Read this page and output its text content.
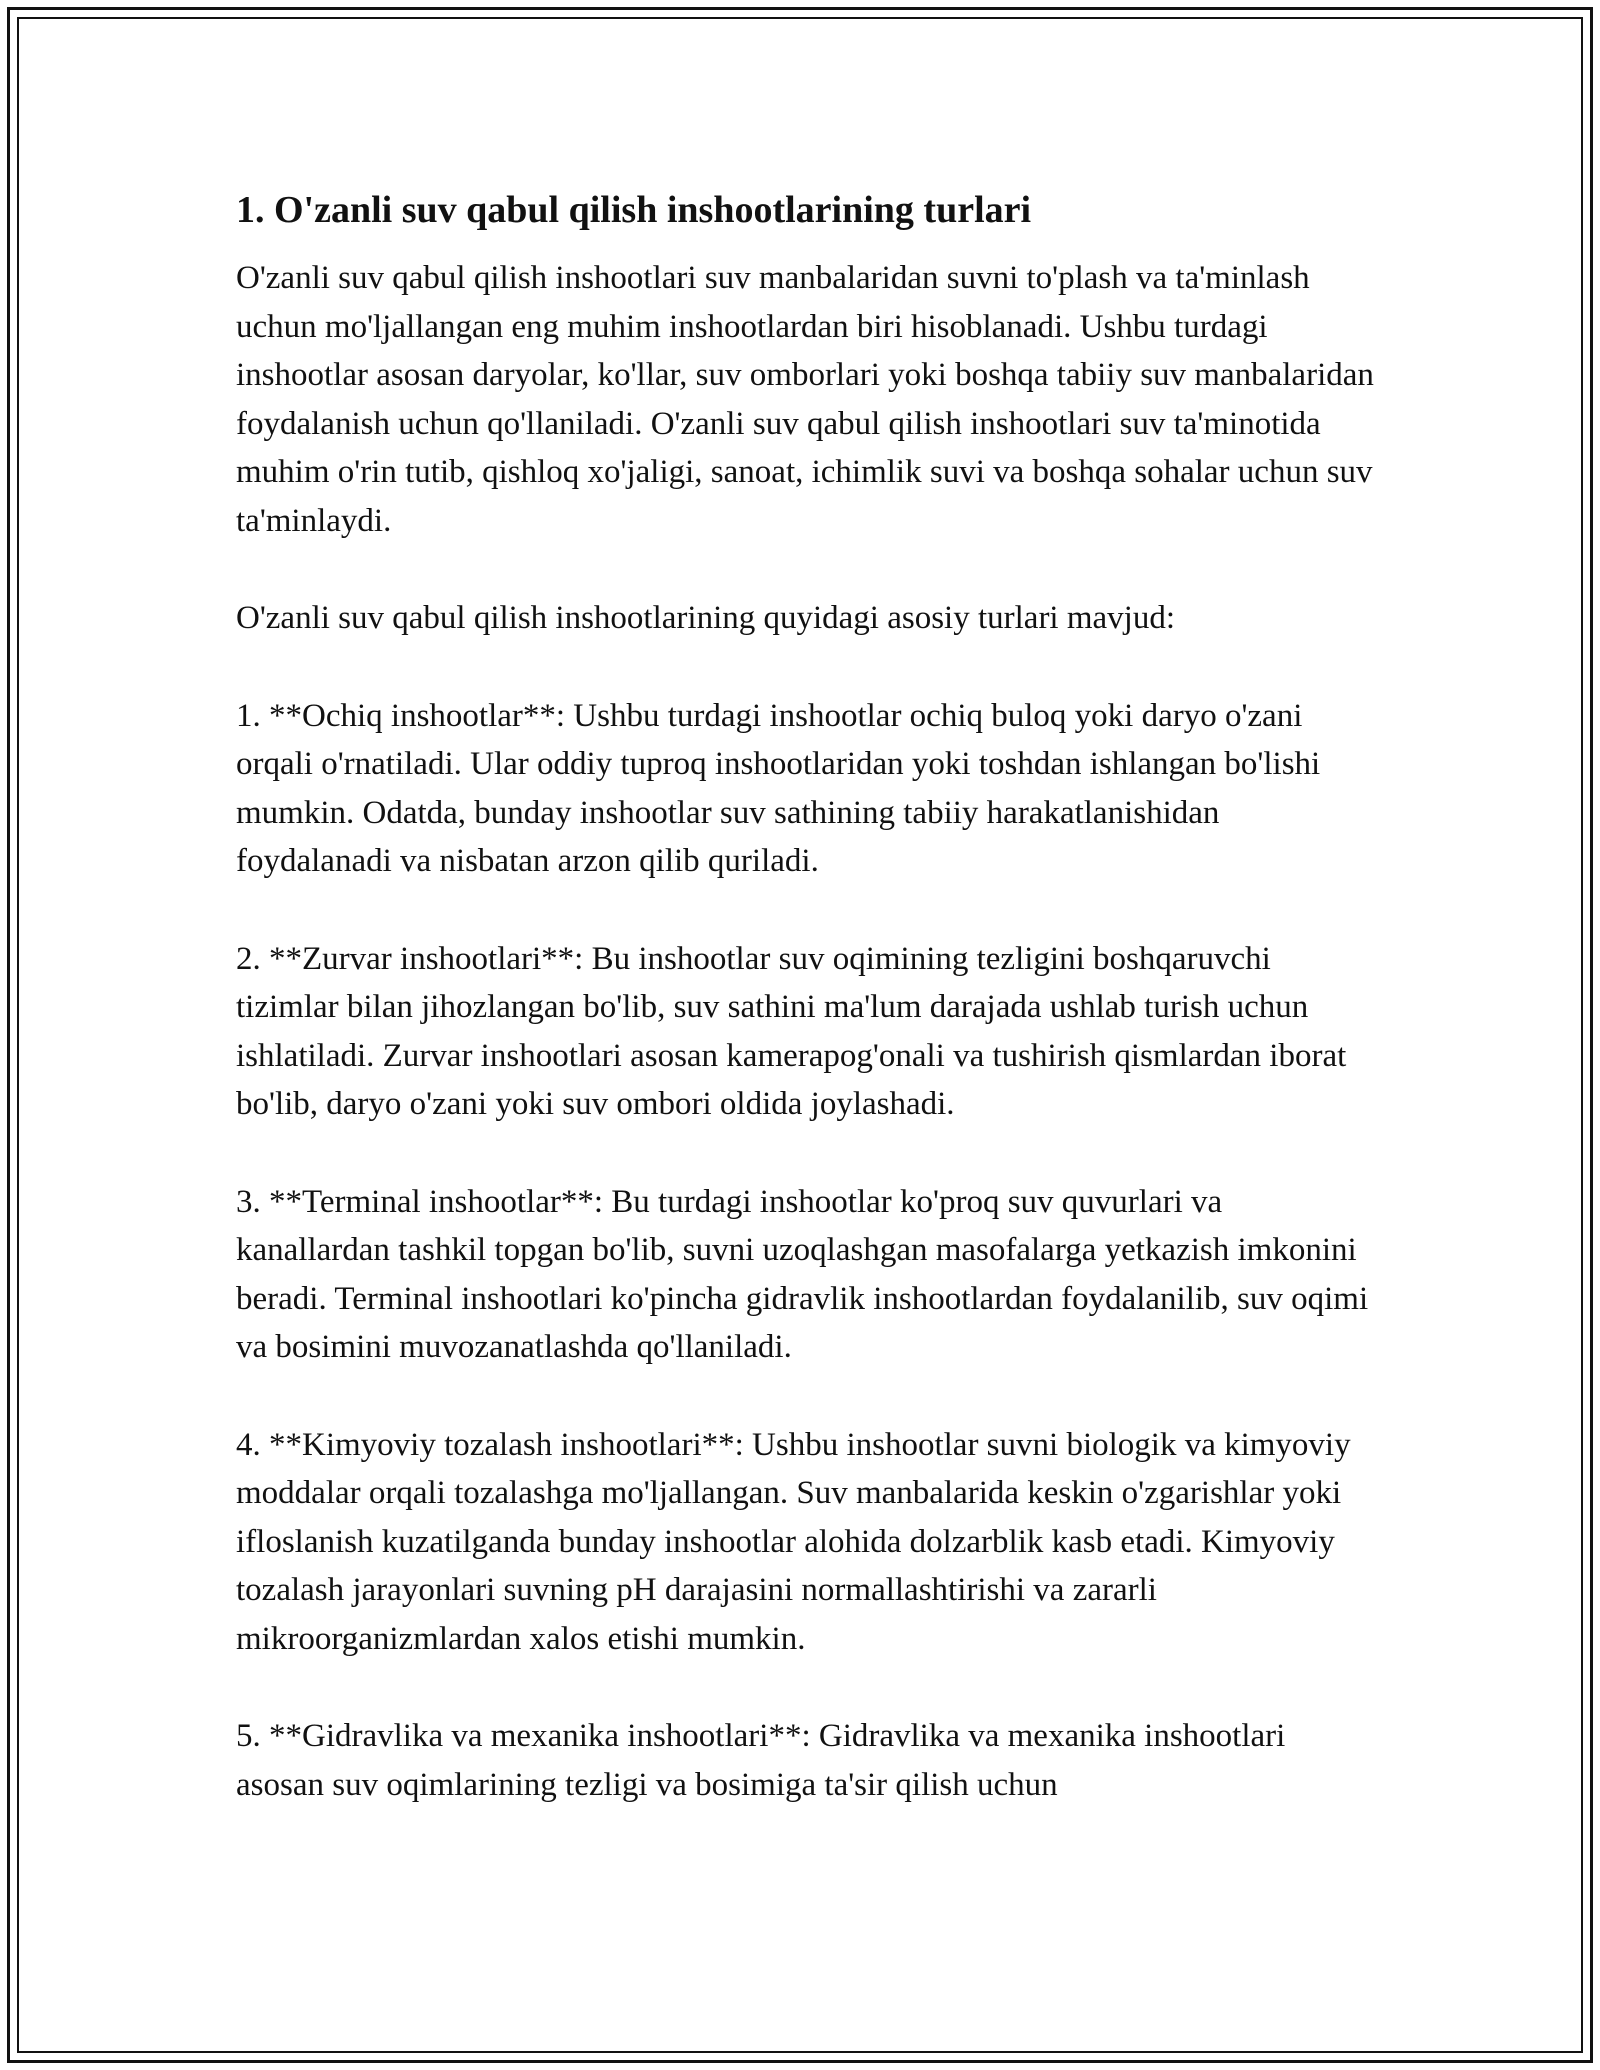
1. O'zanli suv qabul qilish inshootlarining turlari

O'zanli suv qabul qilish inshootlari suv manbalaridan suvni to'plash va ta'minlash uchun mo'ljallangan eng muhim inshootlardan biri hisoblanadi. Ushbu turdagi inshootlar asosan daryolar, ko'llar, suv omborlari yoki boshqa tabiiy suv manbalaridan foydalanish uchun qo'llaniladi. O'zanli suv qabul qilish inshootlari suv ta'minotida muhim o'rin tutib, qishloq xo'jaligi, sanoat, ichimlik suvi va boshqa sohalar uchun suv ta'minlaydi.

O'zanli suv qabul qilish inshootlarining quyidagi asosiy turlari mavjud:

1. **Ochiq inshootlar**: Ushbu turdagi inshootlar ochiq buloq yoki daryo o'zani orqali o'rnatiladi. Ular oddiy tuproq inshootlaridan yoki toshdan ishlangan bo'lishi mumkin. Odatda, bunday inshootlar suv sathining tabiiy harakatlanishidan foydalanadi va nisbatan arzon qilib quriladi.

2. **Zurvar inshootlari**: Bu inshootlar suv oqimining tezligini boshqaruvchi tizimlar bilan jihozlangan bo'lib, suv sathini ma'lum darajada ushlab turish uchun ishlatiladi. Zurvar inshootlari asosan kamerapog'onali va tushirish qismlardan iborat bo'lib, daryo o'zani yoki suv ombori oldida joylashadi.

3. **Terminal inshootlar**: Bu turdagi inshootlar ko'proq suv quvurlari va kanallardan tashkil topgan bo'lib, suvni uzoqlashgan masofalarga yetkazish imkonini beradi. Terminal inshootlari ko'pincha gidravlik inshootlardan foydalanilib, suv oqimi va bosimini muvozanatlashda qo'llaniladi.

4. **Kimyoviy tozalash inshootlari**: Ushbu inshootlar suvni biologik va kimyoviy moddalar orqali tozalashga mo'ljallangan. Suv manbalarida keskin o'zgarishlar yoki ifloslanish kuzatilganda bunday inshootlar alohida dolzarblik kasb etadi. Kimyoviy tozalash jarayonlari suvning pH darajasini normallashtirishi va zararli mikroorganizmlardan xalos etishi mumkin.

5. **Gidravlika va mexanika inshootlari**: Gidravlika va mexanika inshootlari asosan suv oqimlarining tezligi va bosimiga ta'sir qilish uchun
